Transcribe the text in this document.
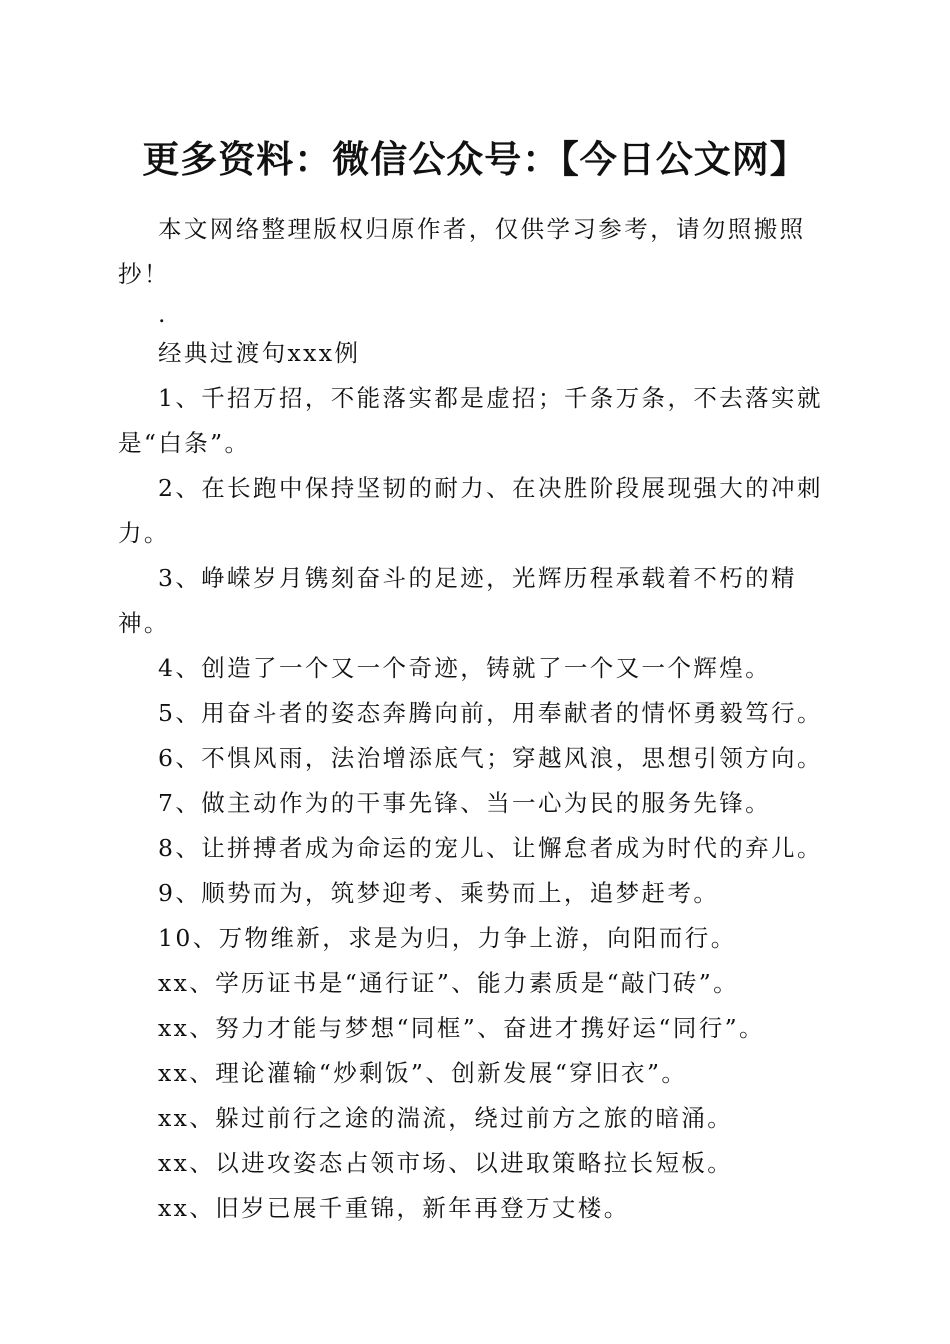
更多资料：微信公众号：【今日公文网】

本文网络整理版权归原作者，仅供学习参考，请勿照搬照抄！

.

经典过渡句xxx例

1、千招万招，不能落实都是虚招；千条万条，不去落实就是“白条”。

2、在长跑中保持坚韧的耐力、在决胜阶段展现强大的冲刺力。

3、峥嵘岁月镌刻奋斗的足迹，光辉历程承载着不朽的精神。

4、创造了一个又一个奇迹，铸就了一个又一个辉煌。

5、用奋斗者的姿态奔腾向前，用奉献者的情怀勇毅笃行。

6、不惧风雨，法治增添底气；穿越风浪，思想引领方向。

7、做主动作为的干事先锋、当一心为民的服务先锋。

8、让拼搏者成为命运的宠儿、让懈怠者成为时代的弃儿。

9、顺势而为，筑梦迎考、乘势而上，追梦赶考。

10、万物维新，求是为归，力争上游，向阳而行。

xx、学历证书是“通行证”、能力素质是“敲门砖”。

xx、努力才能与梦想“同框”、奋进才携好运“同行”。

xx、理论灌输“炒剩饭”、创新发展“穿旧衣”。

xx、躲过前行之途的湍流，绕过前方之旅的暗涌。

xx、以进攻姿态占领市场、以进取策略拉长短板。

xx、旧岁已展千重锦，新年再登万丈楼。
